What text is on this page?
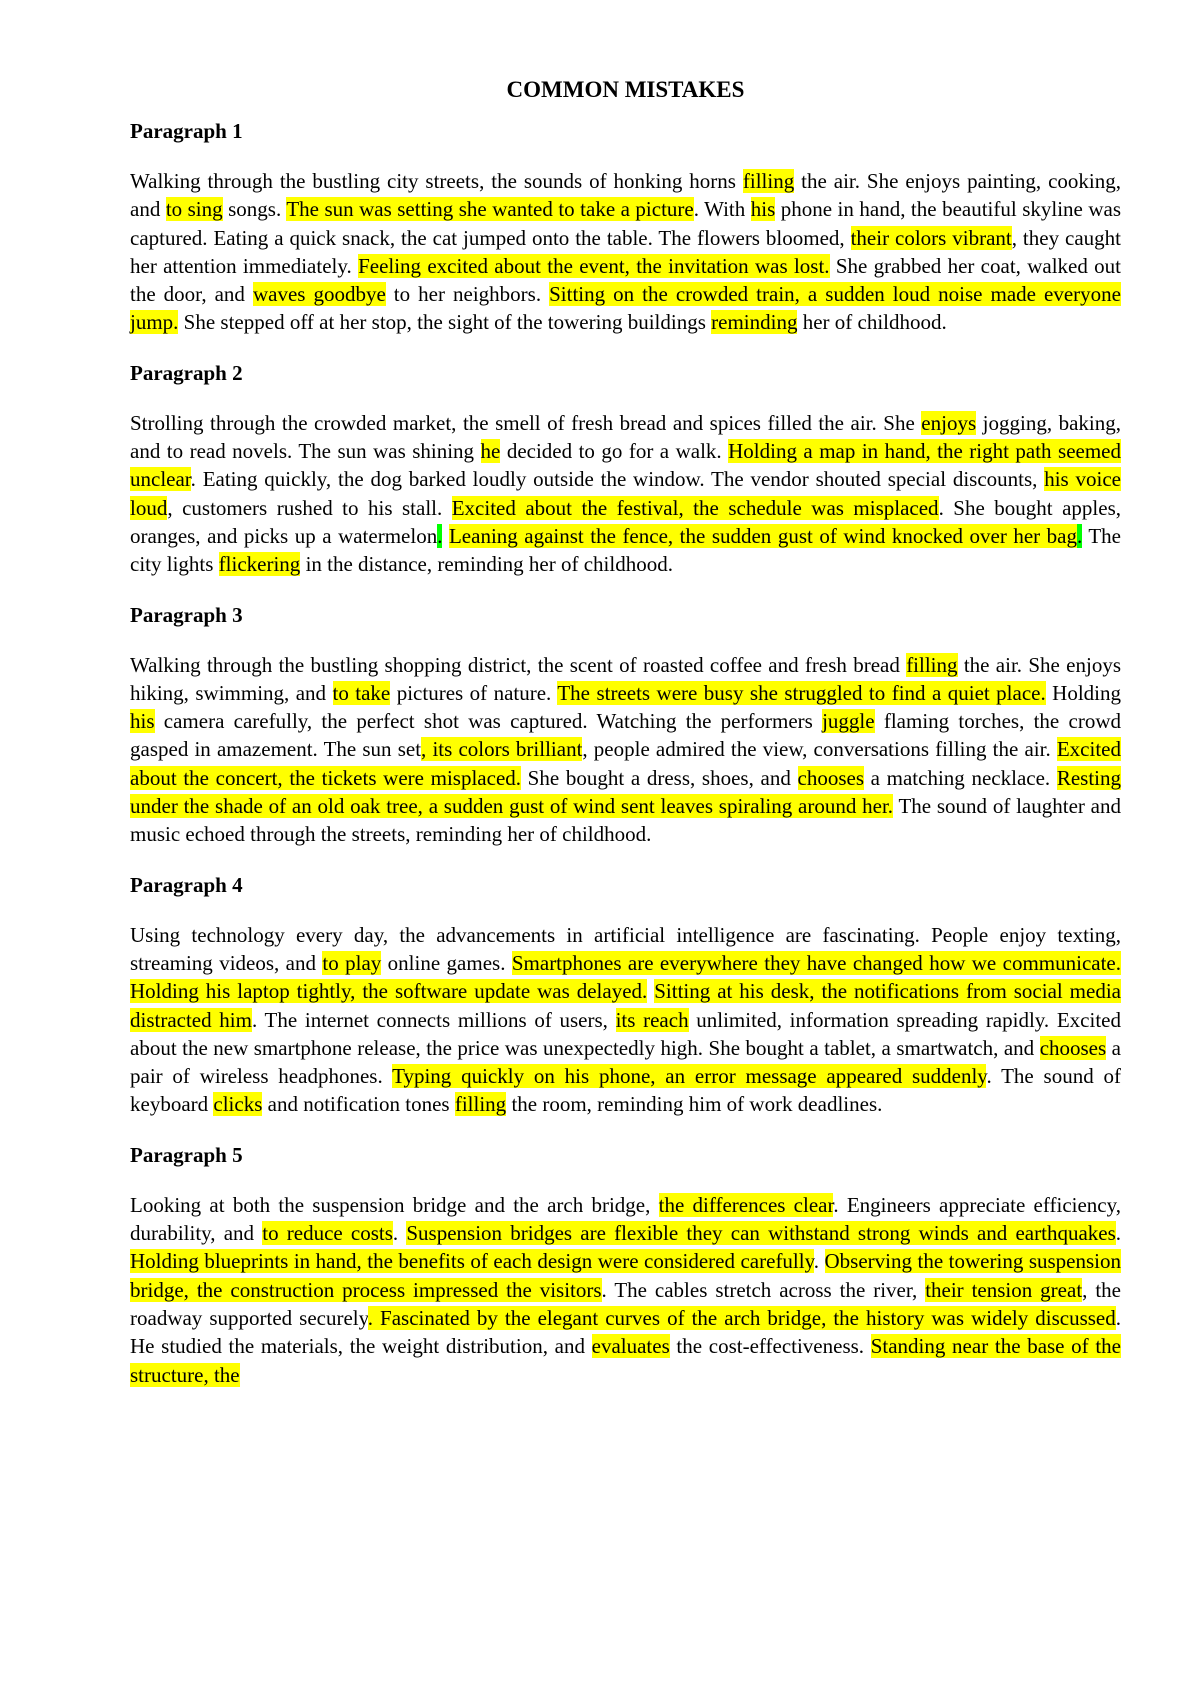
COMMON MISTAKES
Paragraph 1

Walking through the bustling city streets, the sounds of honking horns filling the air. She enjoys painting, cooking, and to sing songs. The sun was setting she wanted to take a picture. With his phone in hand, the beautiful skyline was captured. Eating a quick snack, the cat jumped onto the table. The flowers bloomed, their colors vibrant, they caught her attention immediately. Feeling excited about the event, the invitation was lost. She grabbed her coat, walked out the door, and waves goodbye to her neighbors. Sitting on the crowded train, a sudden loud noise made everyone jump. She stepped off at her stop, the sight of the towering buildings reminding her of childhood.

Paragraph 2

Strolling through the crowded market, the smell of fresh bread and spices filled the air. She enjoys jogging, baking, and to read novels. The sun was shining he decided to go for a walk. Holding a map in hand, the right path seemed unclear. Eating quickly, the dog barked loudly outside the window. The vendor shouted special discounts, his voice loud, customers rushed to his stall. Excited about the festival, the schedule was misplaced. She bought apples, oranges, and picks up a watermelon. Leaning against the fence, the sudden gust of wind knocked over her bag. The city lights flickering in the distance, reminding her of childhood.

Paragraph 3

Walking through the bustling shopping district, the scent of roasted coffee and fresh bread filling the air. She enjoys hiking, swimming, and to take pictures of nature. The streets were busy she struggled to find a quiet place. Holding his camera carefully, the perfect shot was captured. Watching the performers juggle flaming torches, the crowd gasped in amazement. The sun set, its colors brilliant, people admired the view, conversations filling the air. Excited about the concert, the tickets were misplaced. She bought a dress, shoes, and chooses a matching necklace. Resting under the shade of an old oak tree, a sudden gust of wind sent leaves spiraling around her. The sound of laughter and music echoed through the streets, reminding her of childhood.

Paragraph 4

Using technology every day, the advancements in artificial intelligence are fascinating. People enjoy texting, streaming videos, and to play online games. Smartphones are everywhere they have changed how we communicate. Holding his laptop tightly, the software update was delayed. Sitting at his desk, the notifications from social media distracted him. The internet connects millions of users, its reach unlimited, information spreading rapidly. Excited about the new smartphone release, the price was unexpectedly high. She bought a tablet, a smartwatch, and chooses a pair of wireless headphones. Typing quickly on his phone, an error message appeared suddenly. The sound of keyboard clicks and notification tones filling the room, reminding him of work deadlines.

Paragraph 5

Looking at both the suspension bridge and the arch bridge, the differences clear. Engineers appreciate efficiency, durability, and to reduce costs. Suspension bridges are flexible they can withstand strong winds and earthquakes. Holding blueprints in hand, the benefits of each design were considered carefully. Observing the towering suspension bridge, the construction process impressed the visitors. The cables stretch across the river, their tension great, the roadway supported securely. Fascinated by the elegant curves of the arch bridge, the history was widely discussed. He studied the materials, the weight distribution, and evaluates the cost-effectiveness. Standing near the base of the structure, the
